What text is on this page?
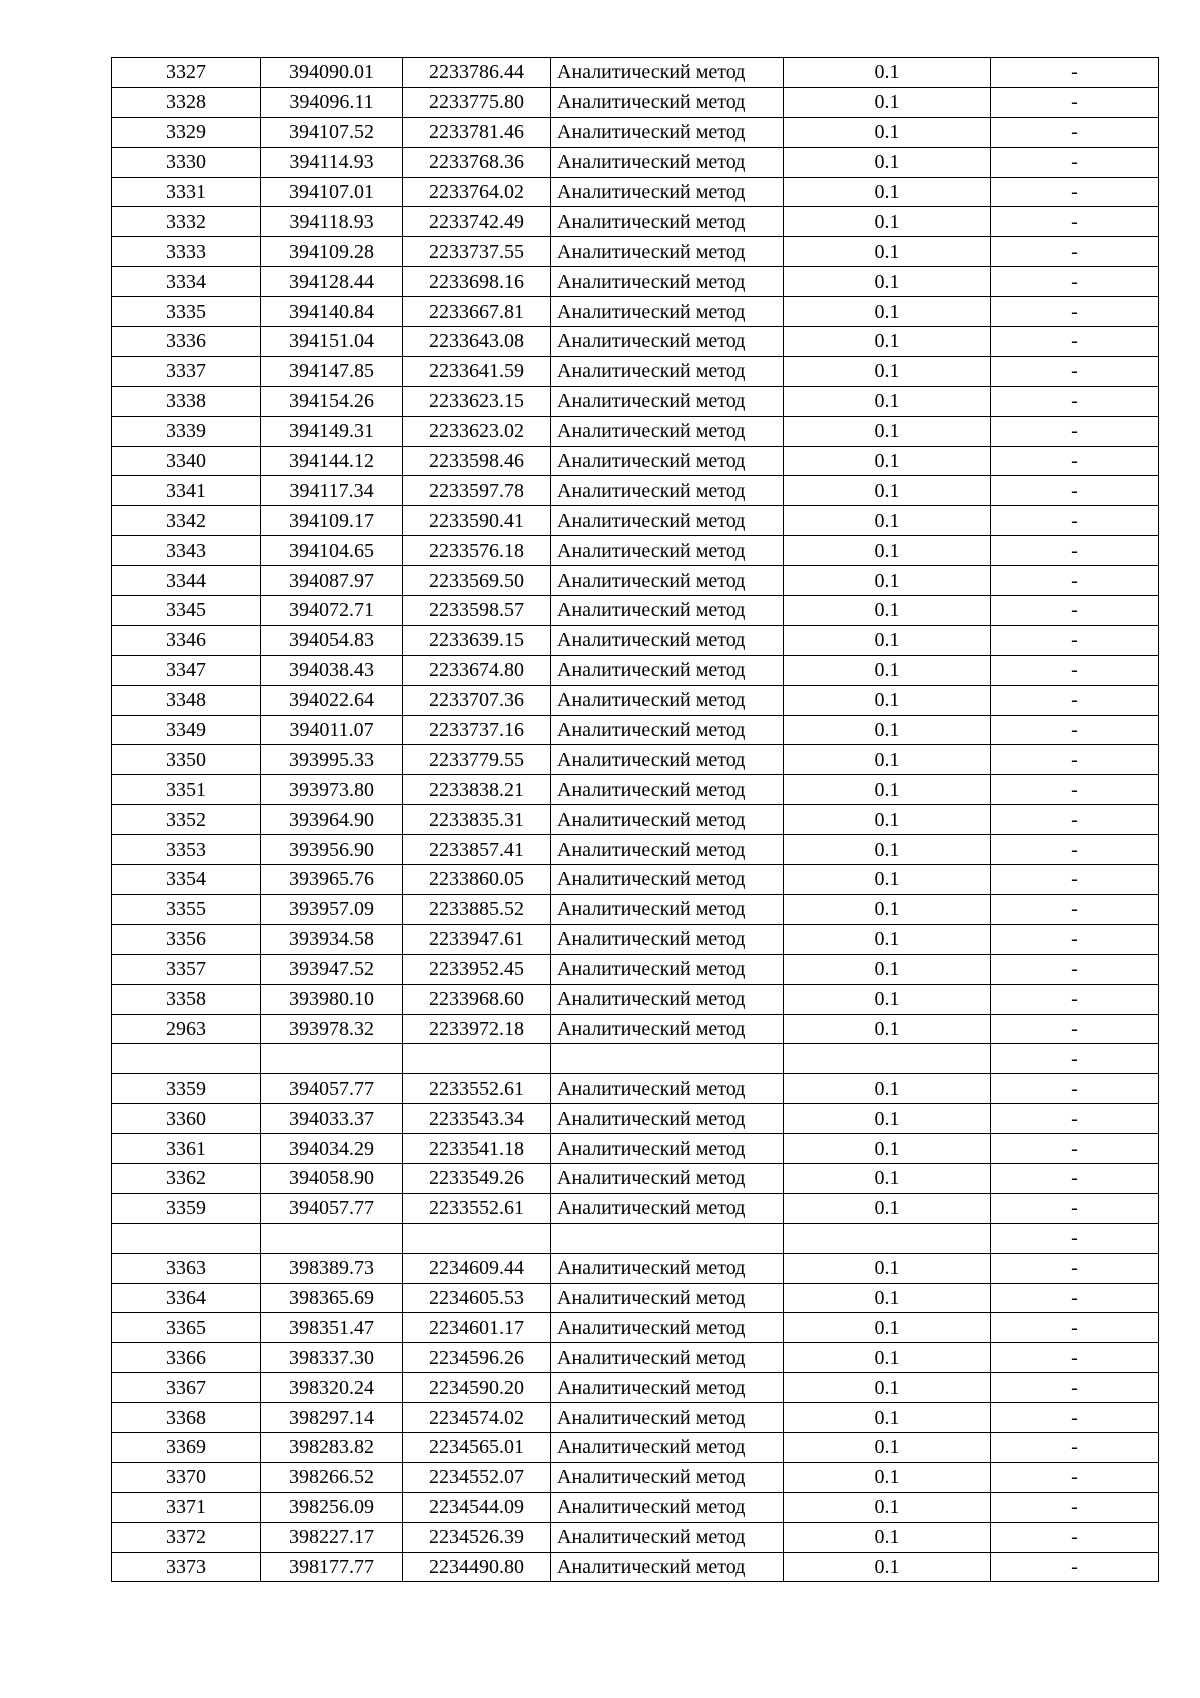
3327	394090.01	2233786.44	Аналитический метод	0.1	-
3328	394096.11	2233775.80	Аналитический метод	0.1	-
3329	394107.52	2233781.46	Аналитический метод	0.1	-
3330	394114.93	2233768.36	Аналитический метод	0.1	-
3331	394107.01	2233764.02	Аналитический метод	0.1	-
3332	394118.93	2233742.49	Аналитический метод	0.1	-
3333	394109.28	2233737.55	Аналитический метод	0.1	-
3334	394128.44	2233698.16	Аналитический метод	0.1	-
3335	394140.84	2233667.81	Аналитический метод	0.1	-
3336	394151.04	2233643.08	Аналитический метод	0.1	-
3337	394147.85	2233641.59	Аналитический метод	0.1	-
3338	394154.26	2233623.15	Аналитический метод	0.1	-
3339	394149.31	2233623.02	Аналитический метод	0.1	-
3340	394144.12	2233598.46	Аналитический метод	0.1	-
3341	394117.34	2233597.78	Аналитический метод	0.1	-
3342	394109.17	2233590.41	Аналитический метод	0.1	-
3343	394104.65	2233576.18	Аналитический метод	0.1	-
3344	394087.97	2233569.50	Аналитический метод	0.1	-
3345	394072.71	2233598.57	Аналитический метод	0.1	-
3346	394054.83	2233639.15	Аналитический метод	0.1	-
3347	394038.43	2233674.80	Аналитический метод	0.1	-
3348	394022.64	2233707.36	Аналитический метод	0.1	-
3349	394011.07	2233737.16	Аналитический метод	0.1	-
3350	393995.33	2233779.55	Аналитический метод	0.1	-
3351	393973.80	2233838.21	Аналитический метод	0.1	-
3352	393964.90	2233835.31	Аналитический метод	0.1	-
3353	393956.90	2233857.41	Аналитический метод	0.1	-
3354	393965.76	2233860.05	Аналитический метод	0.1	-
3355	393957.09	2233885.52	Аналитический метод	0.1	-
3356	393934.58	2233947.61	Аналитический метод	0.1	-
3357	393947.52	2233952.45	Аналитический метод	0.1	-
3358	393980.10	2233968.60	Аналитический метод	0.1	-
2963	393978.32	2233972.18	Аналитический метод	0.1	-
					-
3359	394057.77	2233552.61	Аналитический метод	0.1	-
3360	394033.37	2233543.34	Аналитический метод	0.1	-
3361	394034.29	2233541.18	Аналитический метод	0.1	-
3362	394058.90	2233549.26	Аналитический метод	0.1	-
3359	394057.77	2233552.61	Аналитический метод	0.1	-
					-
3363	398389.73	2234609.44	Аналитический метод	0.1	-
3364	398365.69	2234605.53	Аналитический метод	0.1	-
3365	398351.47	2234601.17	Аналитический метод	0.1	-
3366	398337.30	2234596.26	Аналитический метод	0.1	-
3367	398320.24	2234590.20	Аналитический метод	0.1	-
3368	398297.14	2234574.02	Аналитический метод	0.1	-
3369	398283.82	2234565.01	Аналитический метод	0.1	-
3370	398266.52	2234552.07	Аналитический метод	0.1	-
3371	398256.09	2234544.09	Аналитический метод	0.1	-
3372	398227.17	2234526.39	Аналитический метод	0.1	-
3373	398177.77	2234490.80	Аналитический метод	0.1	-
